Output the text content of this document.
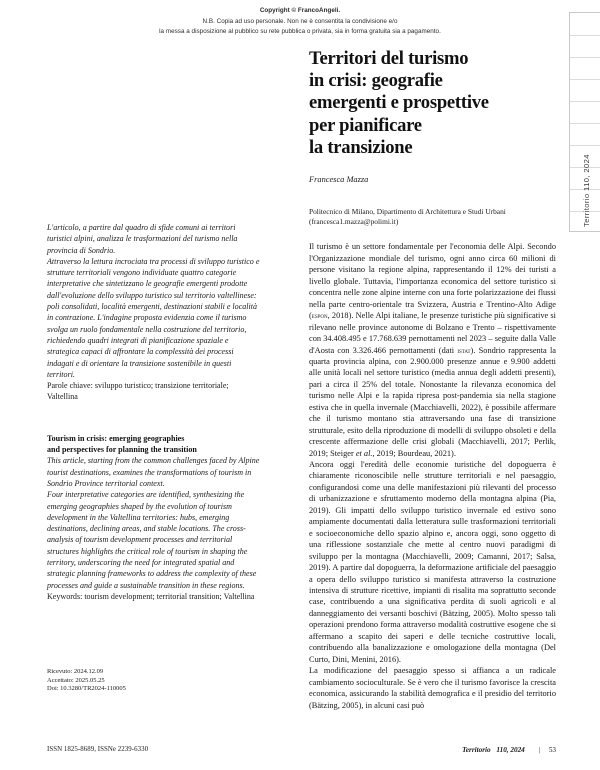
Copyright © FrancoAngeli.
N.B. Copia ad uso personale. Non ne è consentita la condivisione e/o
la messa a disposizione al pubblico su rete pubblica o privata, sia in forma gratuita sia a pagamento.

L'articolo, a partire dal quadro di sfide comuni ai territori turistici alpini, analizza le trasformazioni del turismo nella provincia di Sondrio.

Attraverso la lettura incrociata tra processi di sviluppo turistico e strutture territoriali vengono individuate quattro categorie interpretative che sintetizzano le geografie emergenti prodotte dall'evoluzione dello sviluppo turistico sul territorio valtellinese: poli consolidati, località emergenti, destinazioni stabili e località in contrazione. L'indagine proposta evidenzia come il turismo svolga un ruolo fondamentale nella costruzione del territorio, richiedendo quadri integrati di pianificazione spaziale e strategica capaci di affrontare la complessità dei processi indagati e di orientare la transizione sostenibile in questi territori.

Parole chiave: sviluppo turistico; transizione territoriale; Valtellina

Tourism in crisis: emerging geographies
and perspectives for planning the transition

This article, starting from the common challenges faced by Alpine tourist destinations, examines the transformations of tourism in Sondrio Province territorial context.

Four interpretative categories are identified, synthesizing the emerging geographies shaped by the evolution of tourism development in the Valtellina territories: hubs, emerging destinations, declining areas, and stable locations. The cross-analysis of tourism development processes and territorial structures highlights the critical role of tourism in shaping the territory, underscoring the need for integrated spatial and strategic planning frameworks to address the complexity of these processes and guide a sustainable transition in these regions.

Keywords: tourism development; territorial transition; Valtellina

Ricevuto: 2024.12.09
Accettato: 2025.05.25
Doi: 10.3280/TR2024-110005
Territori del turismo
in crisi: geografie
emergenti e prospettive
per pianificare
la transizione
Francesca Mazza
Politecnico di Milano, Dipartimento di Architettura e Studi Urbani
(francesca1.mazza@polimi.it)

Il turismo è un settore fondamentale per l'economia delle Alpi. Secondo l'Organizzazione mondiale del turismo, ogni anno circa 60 milioni di persone visitano la regione alpina, rappresentando il 12% dei turisti a livello globale. Tuttavia, l'importanza economica del settore turistico si concentra nelle zone alpine interne con una forte polarizzazione dei flussi nella parte centro-orientale tra Svizzera, Austria e Trentino-Alto Adige (espon, 2018). Nelle Alpi italiane, le presenze turistiche più significative si rilevano nelle province autonome di Bolzano e Trento – rispettivamente con 34.408.495 e 17.768.639 pernottamenti nel 2023 – seguite dalla Valle d'Aosta con 3.326.466 pernottamenti (dati istat). Sondrio rappresenta la quarta provincia alpina, con 2.900.000 presenze annue e 9.900 addetti alle unità locali nel settore turistico (media annua degli addetti presenti), pari a circa il 25% del totale. Nonostante la rilevanza economica del turismo nelle Alpi e la rapida ripresa post-pandemia sia nella stagione estiva che in quella invernale (Macchiavelli, 2022), è possibile affermare che il turismo montano stia attraversando una fase di transizione strutturale, esito della riproduzione di modelli di sviluppo obsoleti e della crescente affermazione delle crisi globali (Macchiavelli, 2017; Perlik, 2019; Steiger et al., 2019; Bourdeau, 2021).

Ancora oggi l'eredità delle economie turistiche del dopoguerra è chiaramente riconoscibile nelle strutture territoriali e nel paesaggio, configurandosi come una delle manifestazioni più rilevanti del processo di urbanizzazione e sfruttamento moderno della montagna alpina (Pia, 2019). Gli impatti dello sviluppo turistico invernale ed estivo sono ampiamente documentati dalla letteratura sulle trasformazioni territoriali e socioeconomiche dello spazio alpino e, ancora oggi, sono oggetto di una riflessione sostanziale che mette al centro nuovi paradigmi di sviluppo per la montagna (Macchiavelli, 2009; Camanni, 2017; Salsa, 2019). A partire dal dopoguerra, la deformazione artificiale del paesaggio a opera dello sviluppo turistico si manifesta attraverso la costruzione intensiva di strutture ricettive, impianti di risalita ma soprattutto seconde case, contribuendo a una significativa perdita di suoli agricoli e al danneggiamento dei versanti boschivi (Bätzing, 2005). Molto spesso tali operazioni prendono forma attraverso modalità costruttive esogene che si affermano a scapito dei saperi e delle tecniche costruttive locali, contribuendo alla banalizzazione e omologazione della montagna (Del Curto, Dini, Menini, 2016).

La modificazione del paesaggio spesso si affianca a un radicale cambiamento socioculturale. Se è vero che il turismo favorisce la crescita economica, assicurando la stabilità demografica e il presidio del territorio (Bätzing, 2005), in alcuni casi può

Territorio 110, 2024
ISSN 1825-8689, ISSNe 2239-6330	Territorio 110, 2024 | 53
